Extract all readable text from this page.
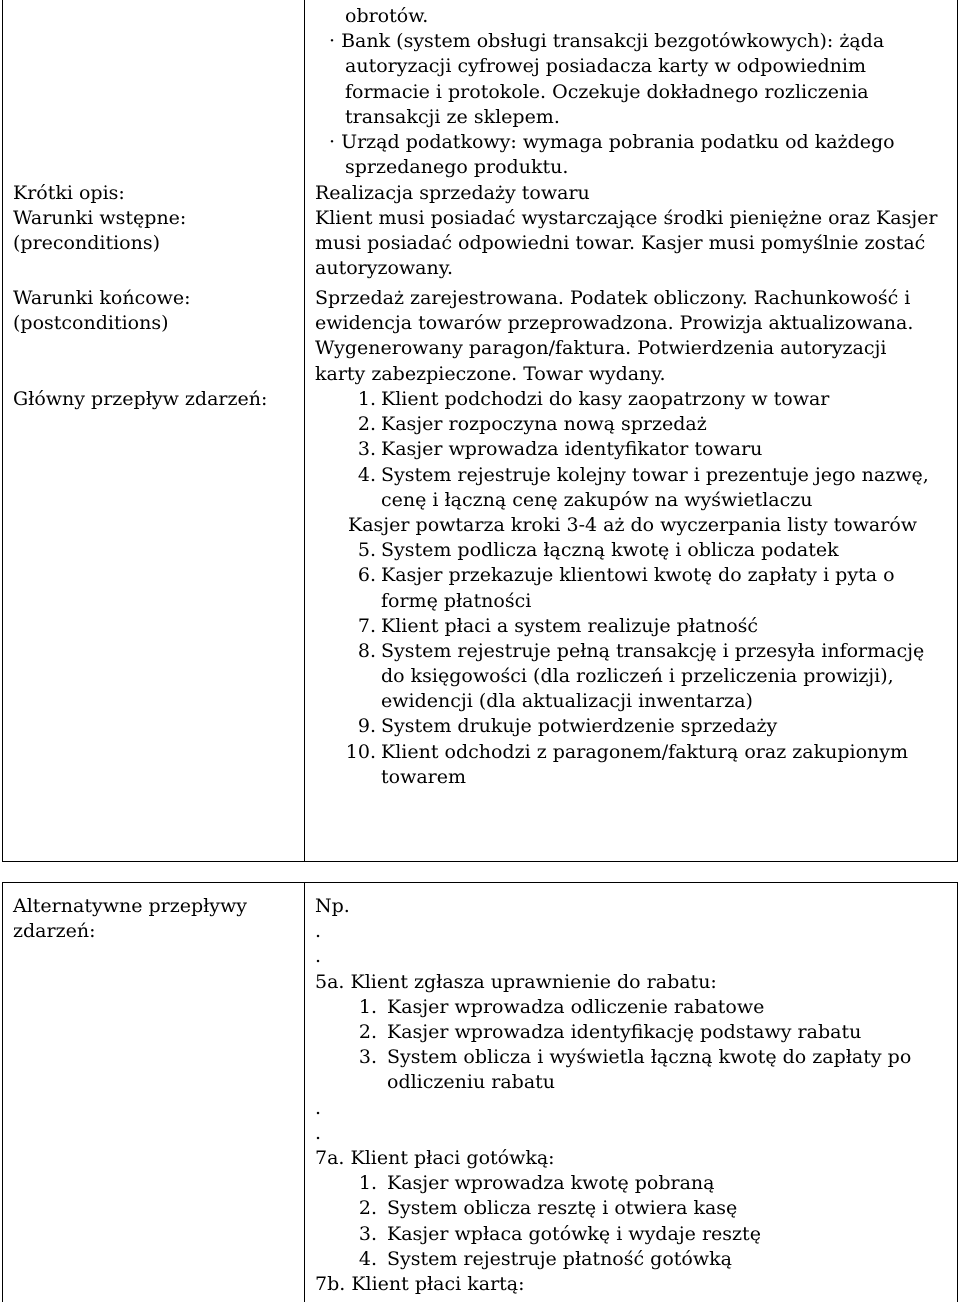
obrotów.

· Bank (system obsługi transakcji bezgotówkowych): żąda

autoryzacji cyfrowej posiadacza karty w odpowiednim

formacie i protokole. Oczekuje dokładnego rozliczenia

transakcji ze sklepem.

· Urząd podatkowy: wymaga pobrania podatku od każdego

sprzedanego produktu.

Krótki opis:	Realizacja sprzedaży towaru

Warunki wstępne:

(preconditions)

Klient musi posiadać wystarczające środki pieniężne oraz Kasjer

musi posiadać odpowiedni towar. Kasjer musi pomyślnie zostać

autoryzowany.

Warunki końcowe:

(postconditions)

Sprzedaż zarejestrowana. Podatek obliczony. Rachunkowość i

ewidencja towarów przeprowadzona. Prowizja aktualizowana.

Wygenerowany paragon/faktura. Potwierdzenia autoryzacji

karty zabezpieczone. Towar wydany.

Główny przepływ zdarzeń:	1. Klient podchodzi do kasy zaopatrzony w towar
2. Kasjer rozpoczyna nową sprzedaż
3. Kasjer wprowadza identyfikator towaru
4. System rejestruje kolejny towar i prezentuje jego nazwę,
cenę i łączną cenę zakupów na wyświetlaczu
Kasjer powtarza kroki 3-4 aż do wyczerpania listy towarów
5. System podlicza łączną kwotę i oblicza podatek
6. Kasjer przekazuje klientowi kwotę do zapłaty i pyta o
formę płatności
7. Klient płaci a system realizuje płatność
8. System rejestruje pełną transakcję i przesyła informację
do księgowości (dla rozliczeń i przeliczenia prowizji),
ewidencji (dla aktualizacji inwentarza)
9. System drukuje potwierdzenie sprzedaży
10. Klient odchodzi z paragonem/fakturą oraz zakupionym
towarem

Alternatywne przepływy

zdarzeń:

Np.

.

.

5a. Klient zgłasza uprawnienie do rabatu:

1. Kasjer wprowadza odliczenie rabatowe
2. Kasjer wprowadza identyfikację podstawy rabatu
3. System oblicza i wyświetla łączną kwotę do zapłaty po
odliczeniu rabatu

.

.

7a. Klient płaci gotówką:

1. Kasjer wprowadza kwotę pobraną
2. System oblicza resztę i otwiera kasę
3. Kasjer wpłaca gotówkę i wydaje resztę
4. System rejestruje płatność gotówką

7b. Klient płaci kartą:
